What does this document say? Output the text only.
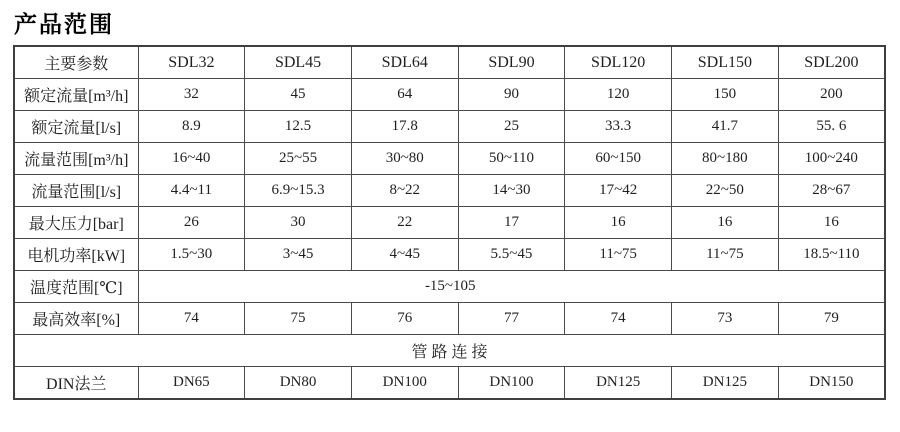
产品范围
主要参数	SDL32	SDL45	SDL64	SDL90	SDL120	SDL150	SDL200
额定流量[m³/h]	32	45	64	90	120	150	200
额定流量[l/s]	8.9	12.5	17.8	25	33.3	41.7	55. 6
流量范围[m³/h]	16~40	25~55	30~80	50~110	60~150	80~180	100~240
流量范围[l/s]	4.4~11	6.9~15.3	8~22	14~30	17~42	22~50	28~67
最大压力[bar]	26	30	22	17	16	16	16
电机功率[kW]	1.5~30	3~45	4~45	5.5~45	11~75	11~75	18.5~110
温度范围[℃]	-15~105						
最高效率[%]	74	75	76	77	74	73	79
管 路 连 接							
DIN法兰	DN65	DN80	DN100	DN100	DN125	DN125	DN150
